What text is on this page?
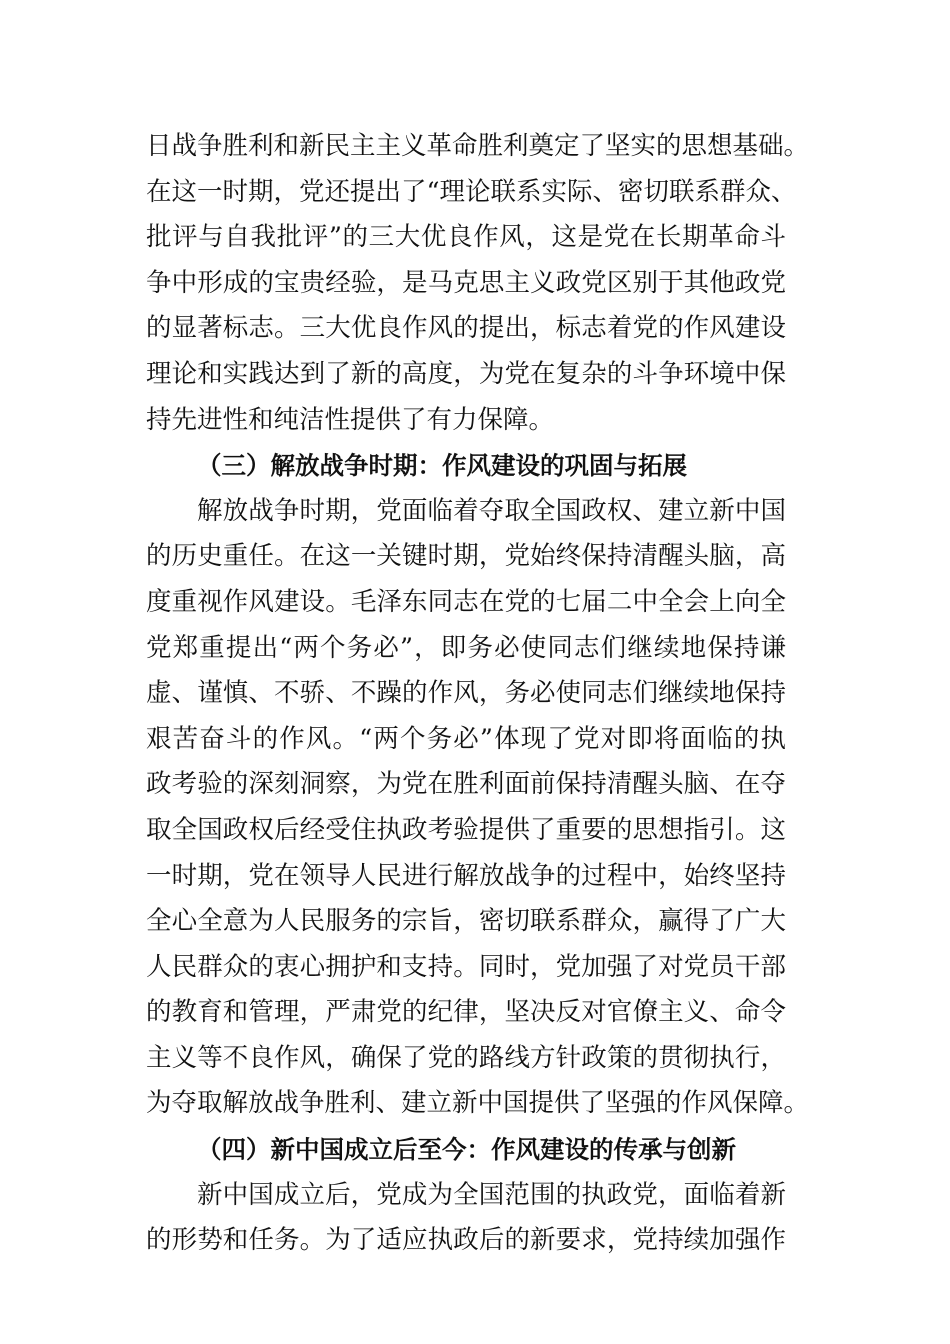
日战争胜利和新民主主义革命胜利奠定了坚实的思想基础。
在这一时期，党还提出了“理论联系实际、密切联系群众、
批评与自我批评”的三大优良作风，这是党在长期革命斗
争中形成的宝贵经验，是马克思主义政党区别于其他政党
的显著标志。三大优良作风的提出，标志着党的作风建设
理论和实践达到了新的高度，为党在复杂的斗争环境中保
持先进性和纯洁性提供了有力保障。
（三）解放战争时期：作风建设的巩固与拓展
解放战争时期，党面临着夺取全国政权、建立新中国
的历史重任。在这一关键时期，党始终保持清醒头脑，高
度重视作风建设。毛泽东同志在党的七届二中全会上向全
党郑重提出“两个务必”，即务必使同志们继续地保持谦
虚、谨慎、不骄、不躁的作风，务必使同志们继续地保持
艰苦奋斗的作风。“两个务必”体现了党对即将面临的执
政考验的深刻洞察，为党在胜利面前保持清醒头脑、在夺
取全国政权后经受住执政考验提供了重要的思想指引。这
一时期，党在领导人民进行解放战争的过程中，始终坚持
全心全意为人民服务的宗旨，密切联系群众，赢得了广大
人民群众的衷心拥护和支持。同时，党加强了对党员干部
的教育和管理，严肃党的纪律，坚决反对官僚主义、命令
主义等不良作风，确保了党的路线方针政策的贯彻执行，
为夺取解放战争胜利、建立新中国提供了坚强的作风保障。
（四）新中国成立后至今：作风建设的传承与创新
新中国成立后，党成为全国范围的执政党，面临着新
的形势和任务。为了适应执政后的新要求，党持续加强作
